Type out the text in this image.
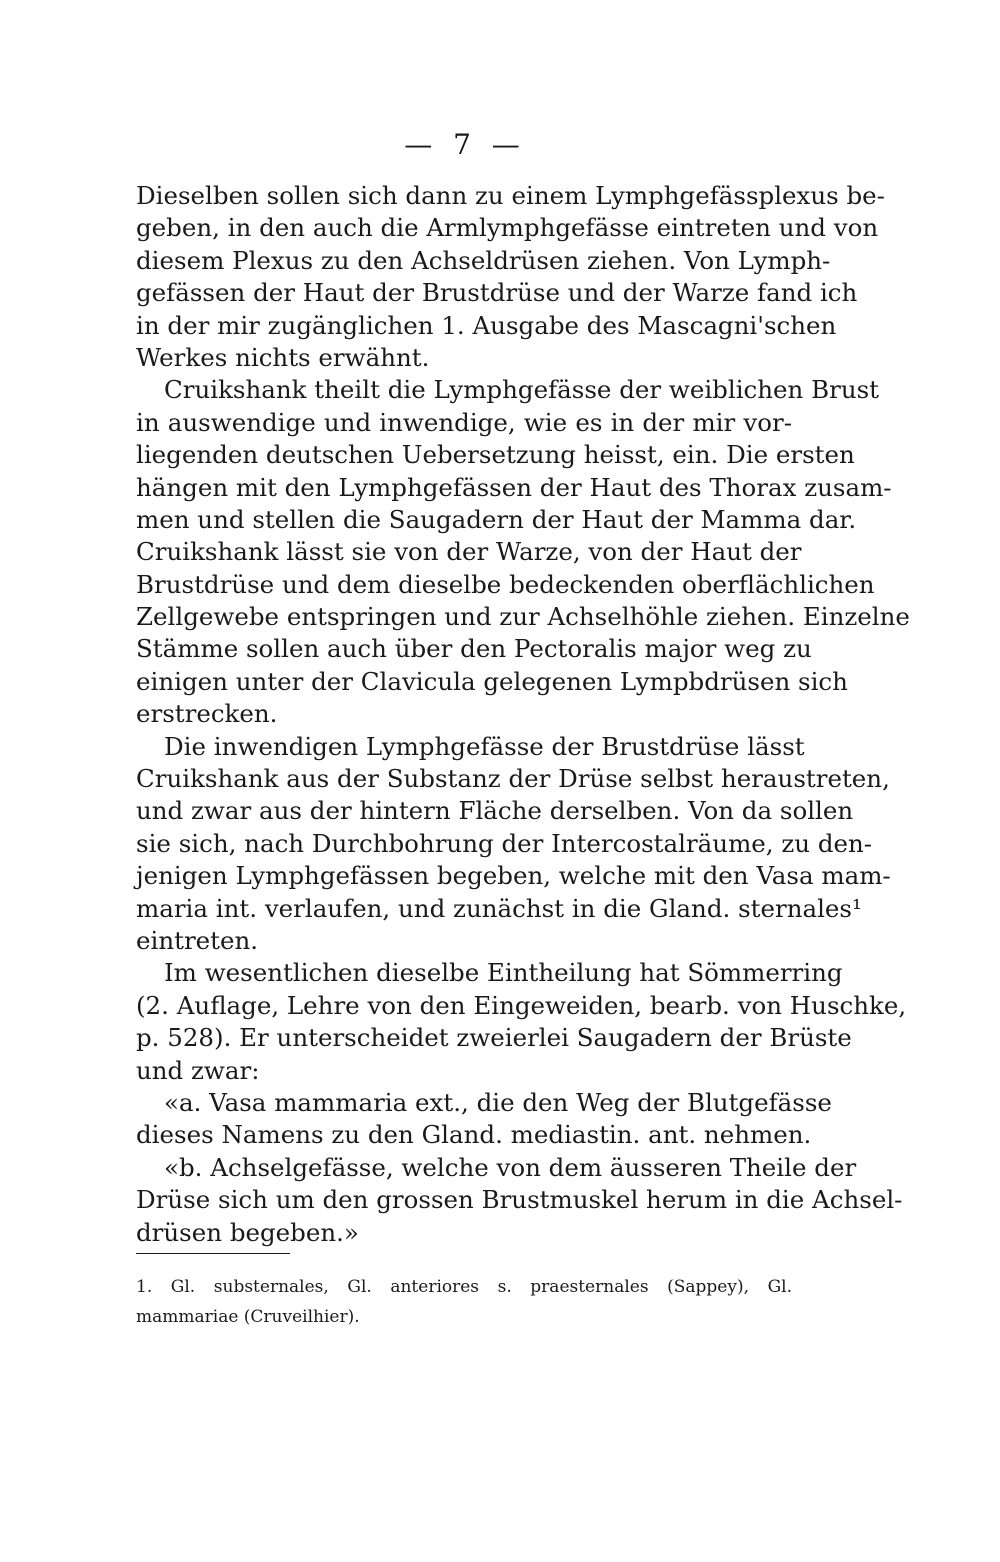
— 7 —
Dieselben sollen sich dann zu einem Lymphgefässplexus be-
geben, in den auch die Armlymphgefässe eintreten und von
diesem Plexus zu den Achseldrüsen ziehen. Von Lymph-
gefässen der Haut der Brustdrüse und der Warze fand ich
in der mir zugänglichen 1. Ausgabe des Mascagni'schen
Werkes nichts erwähnt.
Cruikshank theilt die Lymphgefässe der weiblichen Brust
in auswendige und inwendige, wie es in der mir vor-
liegenden deutschen Uebersetzung heisst, ein. Die ersten
hängen mit den Lymphgefässen der Haut des Thorax zusam-
men und stellen die Saugadern der Haut der Mamma dar.
Cruikshank lässt sie von der Warze, von der Haut der
Brustdrüse und dem dieselbe bedeckenden oberflächlichen
Zellgewebe entspringen und zur Achselhöhle ziehen. Einzelne
Stämme sollen auch über den Pectoralis major weg zu
einigen unter der Clavicula gelegenen Lympbdrüsen sich
erstrecken.
Die inwendigen Lymphgefässe der Brustdrüse lässt
Cruikshank aus der Substanz der Drüse selbst heraustreten,
und zwar aus der hintern Fläche derselben. Von da sollen
sie sich, nach Durchbohrung der Intercostalräume, zu den-
jenigen Lymphgefässen begeben, welche mit den Vasa mam-
maria int. verlaufen, und zunächst in die Gland. sternales¹
eintreten.
Im wesentlichen dieselbe Eintheilung hat Sömmerring
(2. Auflage, Lehre von den Eingeweiden, bearb. von Huschke,
p. 528). Er unterscheidet zweierlei Saugadern der Brüste
und zwar:
«a. Vasa mammaria ext., die den Weg der Blutgefässe
dieses Namens zu den Gland. mediastin. ant. nehmen.
«b. Achselgefässe, welche von dem äusseren Theile der
Drüse sich um den grossen Brustmuskel herum in die Achsel-
drüsen begeben.»
1. Gl. substernales, Gl. anteriores s. praesternales (Sappey), Gl.
mammariae (Cruveilhier).
